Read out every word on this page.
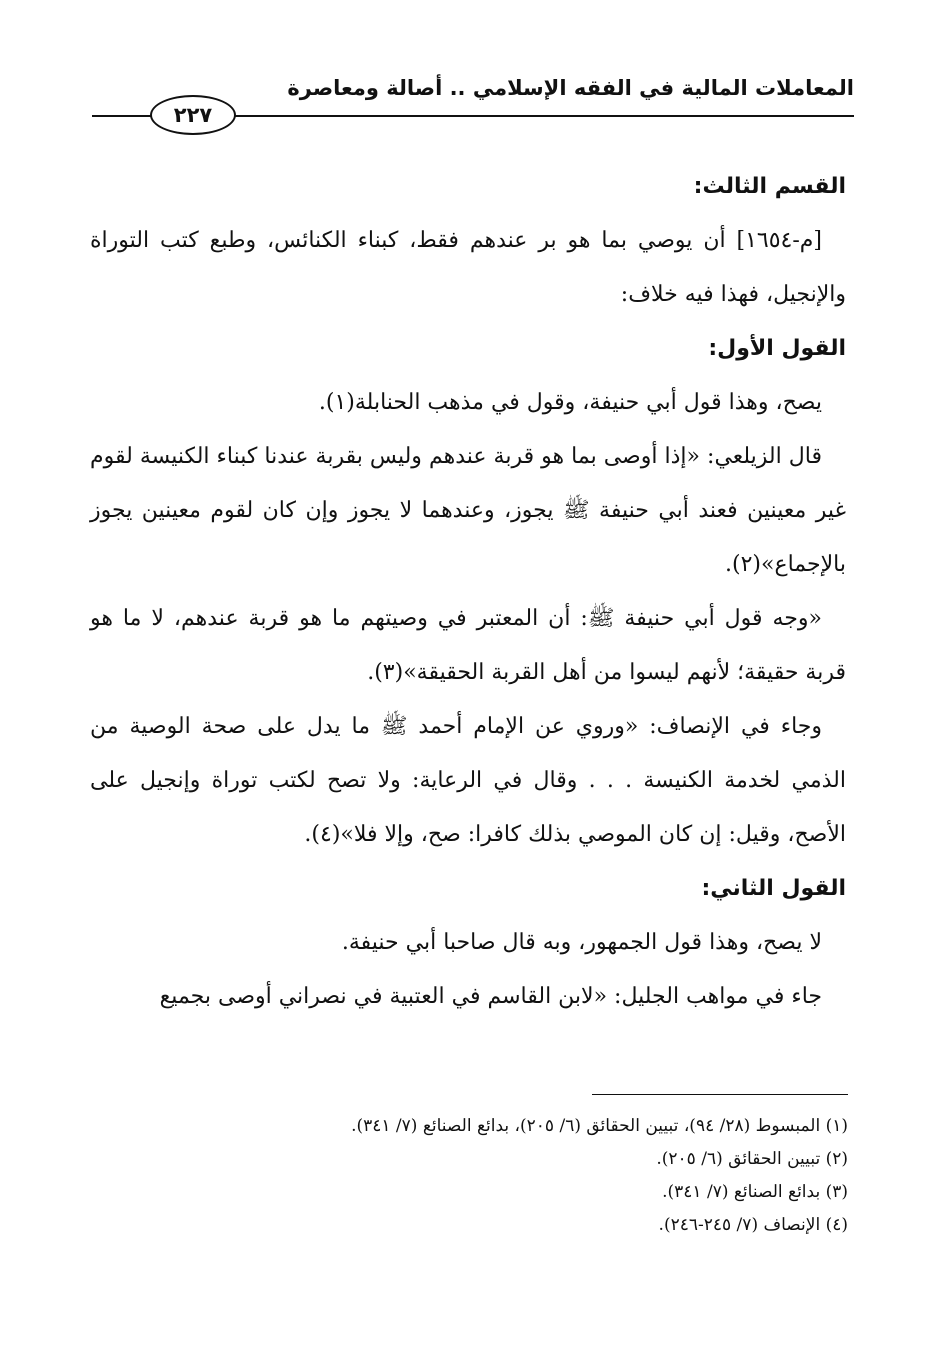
المعاملات المالية في الفقه الإسلامي .. أصالة ومعاصرة
٢٢٧

القسم الثالث:

[م-١٦٥٤] أن يوصي بما هو بر عندهم فقط، كبناء الكنائس، وطبع كتب التوراة والإنجيل، فهذا فيه خلاف:

القول الأول:

يصح، وهذا قول أبي حنيفة، وقول في مذهب الحنابلة(١).

قال الزيلعي: «إذا أوصى بما هو قربة عندهم وليس بقربة عندنا كبناء الكنيسة لقوم غير معينين فعند أبي حنيفة ﷺ يجوز، وعندهما لا يجوز وإن كان لقوم معينين يجوز بالإجماع»(٢).

«وجه قول أبي حنيفة ﷺ: أن المعتبر في وصيتهم ما هو قربة عندهم، لا ما هو قربة حقيقة؛ لأنهم ليسوا من أهل القربة الحقيقة»(٣).

وجاء في الإنصاف: «وروي عن الإمام أحمد ﷺ ما يدل على صحة الوصية من الذمي لخدمة الكنيسة . . . وقال في الرعاية: ولا تصح لكتب توراة وإنجيل على الأصح، وقيل: إن كان الموصي بذلك كافرا: صح، وإلا فلا»(٤).

القول الثاني:

لا يصح، وهذا قول الجمهور، وبه قال صاحبا أبي حنيفة.

جاء في مواهب الجليل: «لابن القاسم في العتبية في نصراني أوصى بجميع

(١) المبسوط (٢٨/ ٩٤)، تبيين الحقائق (٦/ ٢٠٥)، بدائع الصنائع (٧/ ٣٤١).

(٢) تبيين الحقائق (٦/ ٢٠٥).

(٣) بدائع الصنائع (٧/ ٣٤١).

(٤) الإنصاف (٧/ ٢٤٥-٢٤٦).
